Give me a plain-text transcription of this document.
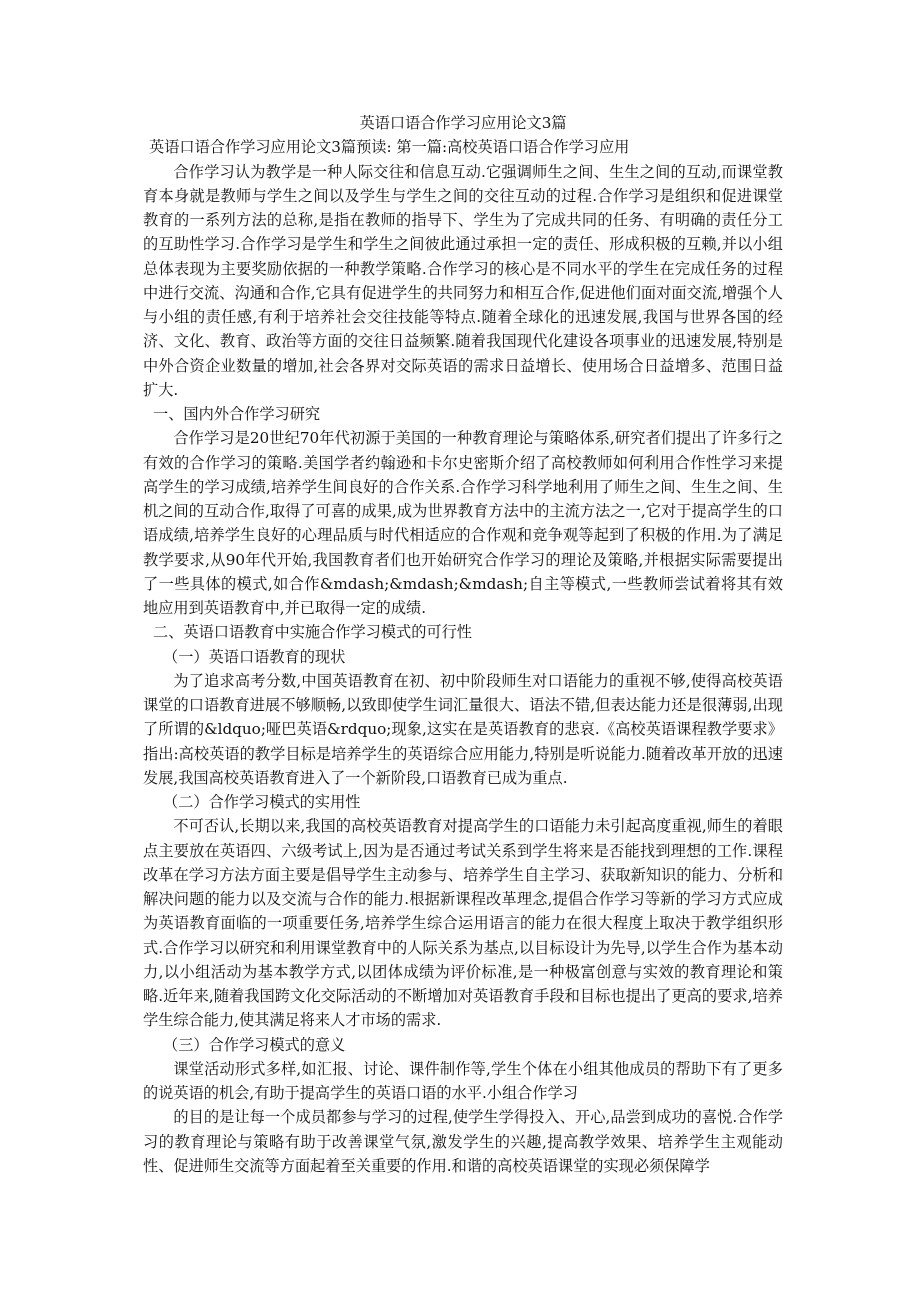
英语口语合作学习应用论文3篇

英语口语合作学习应用论文3篇预读: 第一篇:高校英语口语合作学习应用

合作学习认为教学是一种人际交往和信息互动.它强调师生之间、生生之间的互动,而课堂教育本身就是教师与学生之间以及学生与学生之间的交往互动的过程.合作学习是组织和促进课堂教育的一系列方法的总称,是指在教师的指导下、学生为了完成共同的任务、有明确的责任分工的互助性学习.合作学习是学生和学生之间彼此通过承担一定的责任、形成积极的互赖,并以小组总体表现为主要奖励依据的一种教学策略.合作学习的核心是不同水平的学生在完成任务的过程中进行交流、沟通和合作,它具有促进学生的共同努力和相互合作,促进他们面对面交流,增强个人与小组的责任感,有利于培养社会交往技能等特点.随着全球化的迅速发展,我国与世界各国的经济、文化、教育、政治等方面的交往日益频繁.随着我国现代化建设各项事业的迅速发展,特别是中外合资企业数量的增加,社会各界对交际英语的需求日益增长、使用场合日益增多、范围日益扩大.

一、国内外合作学习研究

合作学习是20世纪70年代初源于美国的一种教育理论与策略体系,研究者们提出了许多行之有效的合作学习的策略.美国学者约翰逊和卡尔史密斯介绍了高校教师如何利用合作性学习来提高学生的学习成绩,培养学生间良好的合作关系.合作学习科学地利用了师生之间、生生之间、生机之间的互动合作,取得了可喜的成果,成为世界教育方法中的主流方法之一,它对于提高学生的口语成绩,培养学生良好的心理品质与时代相适应的合作观和竞争观等起到了积极的作用.为了满足教学要求,从90年代开始,我国教育者们也开始研究合作学习的理论及策略,并根据实际需要提出了一些具体的模式,如合作&mdash;&mdash;&mdash;自主等模式,一些教师尝试着将其有效地应用到英语教育中,并已取得一定的成绩.

二、英语口语教育中实施合作学习模式的可行性

（一）英语口语教育的现状

为了追求高考分数,中国英语教育在初、初中阶段师生对口语能力的重视不够,使得高校英语课堂的口语教育进展不够顺畅,以致即使学生词汇量很大、语法不错,但表达能力还是很薄弱,出现了所谓的&ldquo;哑巴英语&rdquo;现象,这实在是英语教育的悲哀.《高校英语课程教学要求》指出:高校英语的教学目标是培养学生的英语综合应用能力,特别是听说能力.随着改革开放的迅速发展,我国高校英语教育进入了一个新阶段,口语教育已成为重点.

（二）合作学习模式的实用性

不可否认,长期以来,我国的高校英语教育对提高学生的口语能力未引起高度重视,师生的着眼点主要放在英语四、六级考试上,因为是否通过考试关系到学生将来是否能找到理想的工作.课程改革在学习方法方面主要是倡导学生主动参与、培养学生自主学习、获取新知识的能力、分析和解决问题的能力以及交流与合作的能力.根据新课程改革理念,提倡合作学习等新的学习方式应成为英语教育面临的一项重要任务,培养学生综合运用语言的能力在很大程度上取决于教学组织形式.合作学习以研究和利用课堂教育中的人际关系为基点,以目标设计为先导,以学生合作为基本动力,以小组活动为基本教学方式,以团体成绩为评价标准,是一种极富创意与实效的教育理论和策略.近年来,随着我国跨文化交际活动的不断增加对英语教育手段和目标也提出了更高的要求,培养学生综合能力,使其满足将来人才市场的需求.

（三）合作学习模式的意义

课堂活动形式多样,如汇报、讨论、课件制作等,学生个体在小组其他成员的帮助下有了更多的说英语的机会,有助于提高学生的英语口语的水平.小组合作学习

的目的是让每一个成员都参与学习的过程,使学生学得投入、开心,品尝到成功的喜悦.合作学习的教育理论与策略有助于改善课堂气氛,激发学生的兴趣,提高教学效果、培养学生主观能动性、促进师生交流等方面起着至关重要的作用.和谐的高校英语课堂的实现必须保障学
